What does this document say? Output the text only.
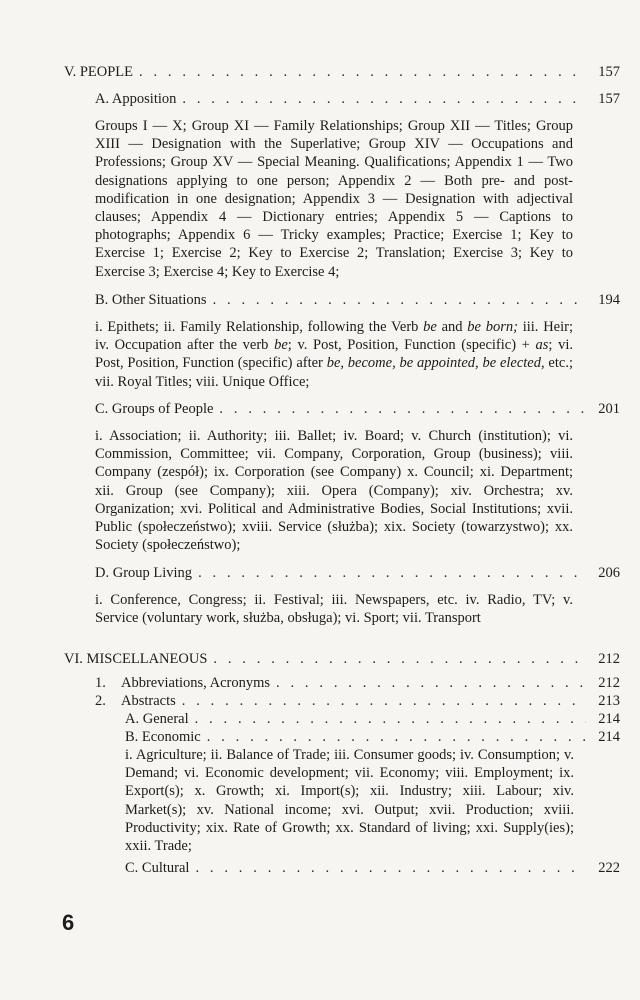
V. PEOPLE . . .	157
A. Apposition . . .	157
Groups I — X; Group XI — Family Relationships; Group XII — Titles; Group XIII — Designation with the Superlative; Group XIV — Occupations and Professions; Group XV — Special Meaning. Qualifications; Appendix 1 — Two designations applying to one person; Appendix 2 — Both pre- and post-modification in one designation; Appendix 3 — Designation with adjectival clauses; Appendix 4 — Dictionary entries; Appendix 5 — Captions to photographs; Appendix 6 — Tricky examples; Practice; Exercise 1; Key to Exercise 1; Exercise 2; Key to Exercise 2; Translation; Exercise 3; Key to Exercise 3; Exercise 4; Key to Exercise 4;
B. Other Situations . . .	194
i. Epithets; ii. Family Relationship, following the Verb be and be born; iii. Heir; iv. Occupation after the verb be; v. Post, Position, Function (specific) + as; vi. Post, Position, Function (specific) after be, become, be appointed, be elected, etc.; vii. Royal Titles; viii. Unique Office;
C. Groups of People . . .	201
i. Association; ii. Authority; iii. Ballet; iv. Board; v. Church (institution); vi. Commission, Committee; vii. Company, Corporation, Group (business); viii. Company (zespół); ix. Corporation (see Company) x. Council; xi. Department; xii. Group (see Company); xiii. Opera (Company); xiv. Orchestra; xv. Organization; xvi. Political and Administrative Bodies, Social Institutions; xvii. Public (społeczeństwo); xviii. Service (służba); xix. Society (towarzystwo); xx. Society (społeczeństwo);
D. Group Living . . .	206
i. Conference, Congress; ii. Festival; iii. Newspapers, etc. iv. Radio, TV; v. Service (voluntary work, służba, obsługa); vi. Sport; vii. Transport
VI. MISCELLANEOUS . . .	212
1. Abbreviations, Acronyms . . .	212
2. Abstracts . . .	213
A. General . . .	214
B. Economic . . .	214
i. Agriculture; ii. Balance of Trade; iii. Consumer goods; iv. Consumption; v. Demand; vi. Economic development; vii. Economy; viii. Employment; ix. Export(s); x. Growth; xi. Import(s); xii. Industry; xiii. Labour; xiv. Market(s); xv. National income; xvi. Output; xvii. Production; xviii. Productivity; xix. Rate of Growth; xx. Standard of living; xxi. Supply(ies); xxii. Trade;
C. Cultural . . .	222
6
